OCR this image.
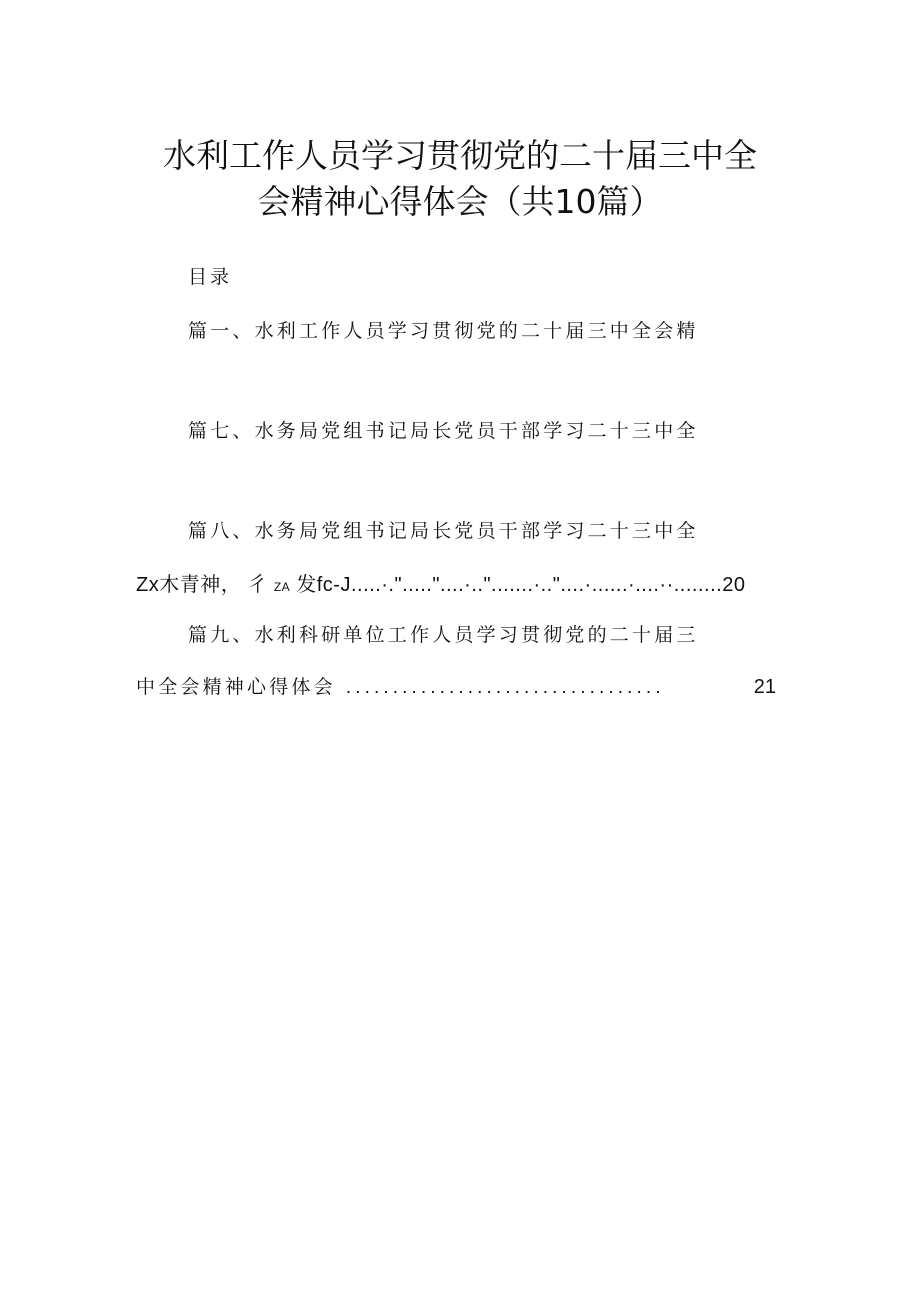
水利工作人员学习贯彻党的二十届三中全
会精神心得体会（共10篇）
目录
篇一、水利工作人员学习贯彻党的二十届三中全会精
篇七、水务局党组书记局长党员干部学习二十三中全
篇八、水务局党组书记局长党员干部学习二十三中全
Zx木青神， 彳 ZA 发fc-J.....·."....."....·..".......·.."....·......·....··........20
篇九、水利科研单位工作人员学习贯彻党的二十届三
中全会精神心得体会 ..................................	21
